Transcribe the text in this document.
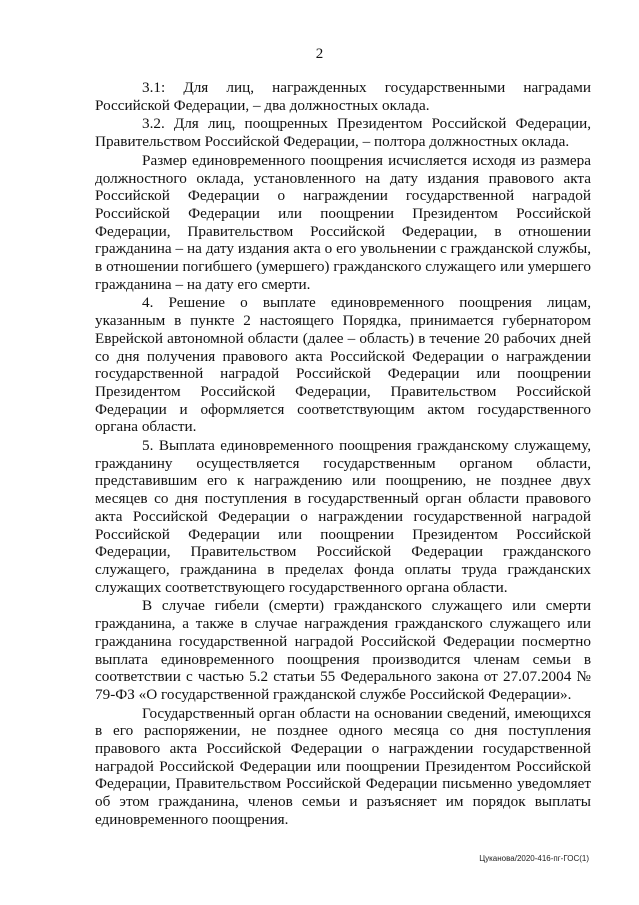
2

3.1: Для лиц, награжденных государственными наградами Российской Федерации, – два должностных оклада.

3.2. Для лиц, поощренных Президентом Российской Федерации, Правительством Российской Федерации, – полтора должностных оклада.

Размер единовременного поощрения исчисляется исходя из размера должностного оклада, установленного на дату издания правового акта Российской Федерации о награждении государственной наградой Российской Федерации или поощрении Президентом Российской Федерации, Правительством Российской Федерации, в отношении гражданина – на дату издания акта о его увольнении с гражданской службы, в отношении погибшего (умершего) гражданского служащего или умершего гражданина – на дату его смерти.

4. Решение о выплате единовременного поощрения лицам, указанным в пункте 2 настоящего Порядка, принимается губернатором Еврейской автономной области (далее – область) в течение 20 рабочих дней со дня получения правового акта Российской Федерации о награждении государственной наградой Российской Федерации или поощрении Президентом Российской Федерации, Правительством Российской Федерации и оформляется соответствующим актом государственного органа области.

5. Выплата единовременного поощрения гражданскому служащему, гражданину осуществляется государственным органом области, представившим его к награждению или поощрению, не позднее двух месяцев со дня поступления в государственный орган области правового акта Российской Федерации о награждении государственной наградой Российской Федерации или поощрении Президентом Российской Федерации, Правительством Российской Федерации гражданского служащего, гражданина в пределах фонда оплаты труда гражданских служащих соответствующего государственного органа области.

В случае гибели (смерти) гражданского служащего или смерти гражданина, а также в случае награждения гражданского служащего или гражданина государственной наградой Российской Федерации посмертно выплата единовременного поощрения производится членам семьи в соответствии с частью 5.2 статьи 55 Федерального закона от 27.07.2004 № 79-ФЗ «О государственной гражданской службе Российской Федерации».

Государственный орган области на основании сведений, имеющихся в его распоряжении, не позднее одного месяца со дня поступления правового акта Российской Федерации о награждении государственной наградой Российской Федерации или поощрении Президентом Российской Федерации, Правительством Российской Федерации письменно уведомляет об этом гражданина, членов семьи и разъясняет им порядок выплаты единовременного поощрения.

Цуканова/2020-416-пг-ГОС(1)
